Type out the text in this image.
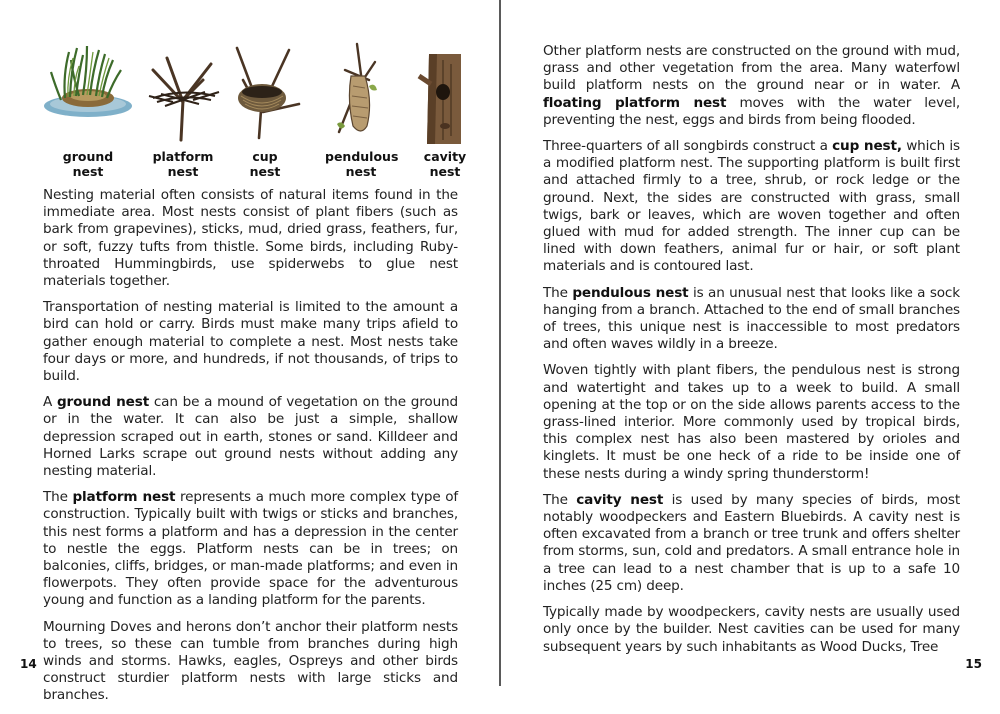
ground
nest
platform
nest
cup
nest
pendulous
nest
cavity
nest

Nesting material often consists of natural items found in the immediate area. Most nests consist of plant fibers (such as bark from grapevines), sticks, mud, dried grass, feathers, fur, or soft, fuzzy tufts from thistle. Some birds, including Ruby-throated Hummingbirds, use spiderwebs to glue nest materials together.

Transportation of nesting material is limited to the amount a bird can hold or carry. Birds must make many trips afield to gather enough material to complete a nest. Most nests take four days or more, and hundreds, if not thousands, of trips to build.

A ground nest can be a mound of vegetation on the ground or in the water. It can also be just a simple, shallow depression scraped out in earth, stones or sand. Killdeer and Horned Larks scrape out ground nests without adding any nesting material.

The platform nest represents a much more complex type of construction. Typically built with twigs or sticks and branches, this nest forms a platform and has a depression in the center to nestle the eggs. Platform nests can be in trees; on balconies, cliffs, bridges, or man-made platforms; and even in flowerpots. They often provide space for the adventurous young and function as a landing platform for the parents.

Mourning Doves and herons don’t anchor their platform nests to trees, so these can tumble from branches during high winds and storms. Hawks, eagles, Ospreys and other birds construct sturdier platform nests with large sticks and branches.

14

Other platform nests are constructed on the ground with mud, grass and other vegetation from the area. Many waterfowl build platform nests on the ground near or in water. A floating platform nest moves with the water level, preventing the nest, eggs and birds from being flooded.

Three-quarters of all songbirds construct a cup nest, which is a modified platform nest. The supporting platform is built first and attached firmly to a tree, shrub, or rock ledge or the ground. Next, the sides are constructed with grass, small twigs, bark or leaves, which are woven together and often glued with mud for added strength. The inner cup can be lined with down feathers, animal fur or hair, or soft plant materials and is contoured last.

The pendulous nest is an unusual nest that looks like a sock hanging from a branch. Attached to the end of small branches of trees, this unique nest is inaccessible to most predators and often waves wildly in a breeze.

Woven tightly with plant fibers, the pendulous nest is strong and watertight and takes up to a week to build. A small opening at the top or on the side allows parents access to the grass-lined interior. More commonly used by tropical birds, this complex nest has also been mastered by orioles and kinglets. It must be one heck of a ride to be inside one of these nests during a windy spring thunderstorm!

The cavity nest is used by many species of birds, most notably woodpeckers and Eastern Bluebirds. A cavity nest is often excavated from a branch or tree trunk and offers shelter from storms, sun, cold and predators. A small entrance hole in a tree can lead to a nest chamber that is up to a safe 10 inches (25 cm) deep.

Typically made by woodpeckers, cavity nests are usually used only once by the builder. Nest cavities can be used for many subsequent years by such inhabitants as Wood Ducks, Tree

15
